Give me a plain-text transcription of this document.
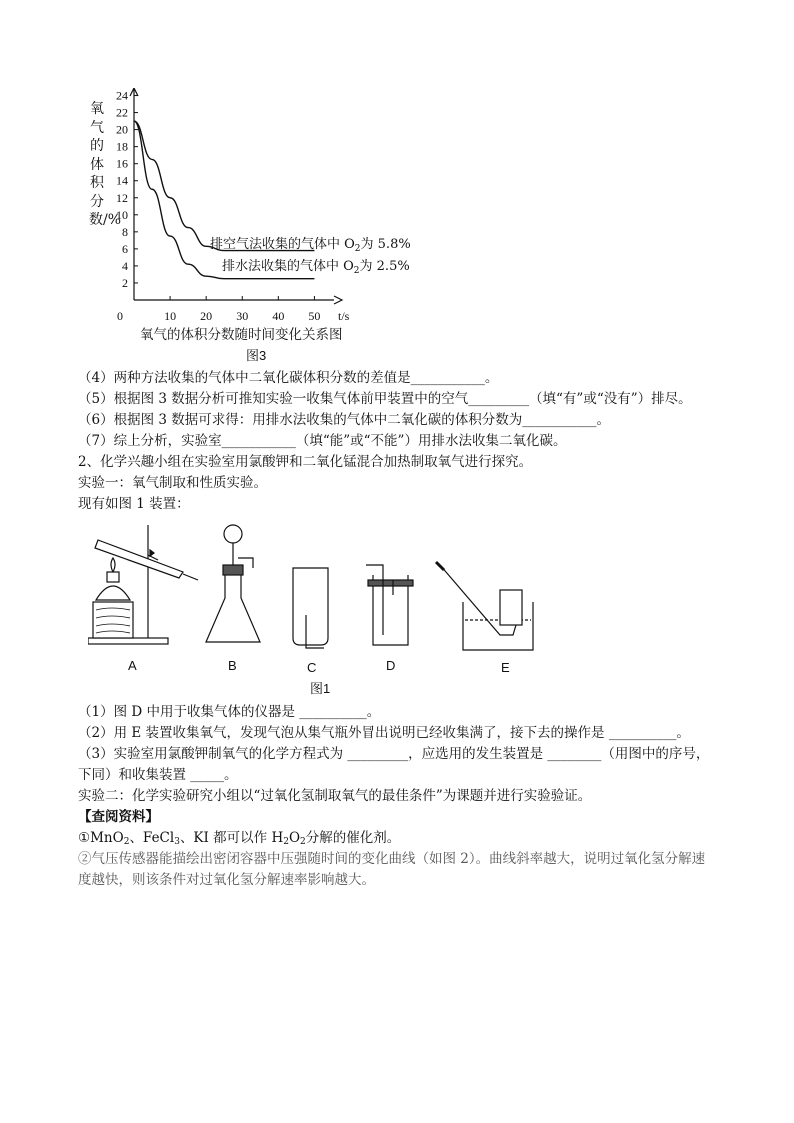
2
4
6
8
10
12
14
16
18
20
22
24
0	10 20 30 40 50 t/s
排空气法收集的气体中 $O_2$为 5.8%
排水法收集的气体中 $O_2$为 2.5%
氧气的体积分数/%
氧气的体积分数随时间变化关系图
图3
（4）两种方法收集的气体中二氧化碳体积分数的差值是___________。
（5）根据图 3 数据分析可推知实验一收集气体前甲装置中的空气_________（填“有”或“没有”）排尽。
（6）根据图 3 数据可求得：用排水法收集的气体中二氧化碳的体积分数为___________。
（7）综上分析，实验室___________（填“能”或“不能”）用排水法收集二氧化碳。
2、化学兴趣小组在实验室用氯酸钾和二氧化锰混合加热制取氧气进行探究。
实验一：氧气制取和性质实验。
现有如图 1 装置：
A	B	C	D	E
图1
（1）图 D 中用于收集气体的仪器是 __________。
（2）用 E 装置收集氧气，发现气泡从集气瓶外冒出说明已经收集满了，接下去的操作是 __________。
（3）实验室用氯酸钾制氧气的化学方程式为 _________，应选用的发生装置是 ________（用图中的序号，
下同）和收集装置 _____。
实验二：化学实验研究小组以“过氧化氢制取氧气的最佳条件”为课题并进行实验验证。
【查阅资料】
①MnO$_2$、FeCl$_3$、KI 都可以作 $H_2O_2$分解的催化剂。
②气压传感器能描绘出密闭容器中压强随时间的变化曲线（如图 2）。曲线斜率越大，说明过氧化氢分解速
度越快，则该条件对过氧化氢分解速率影响越大。
